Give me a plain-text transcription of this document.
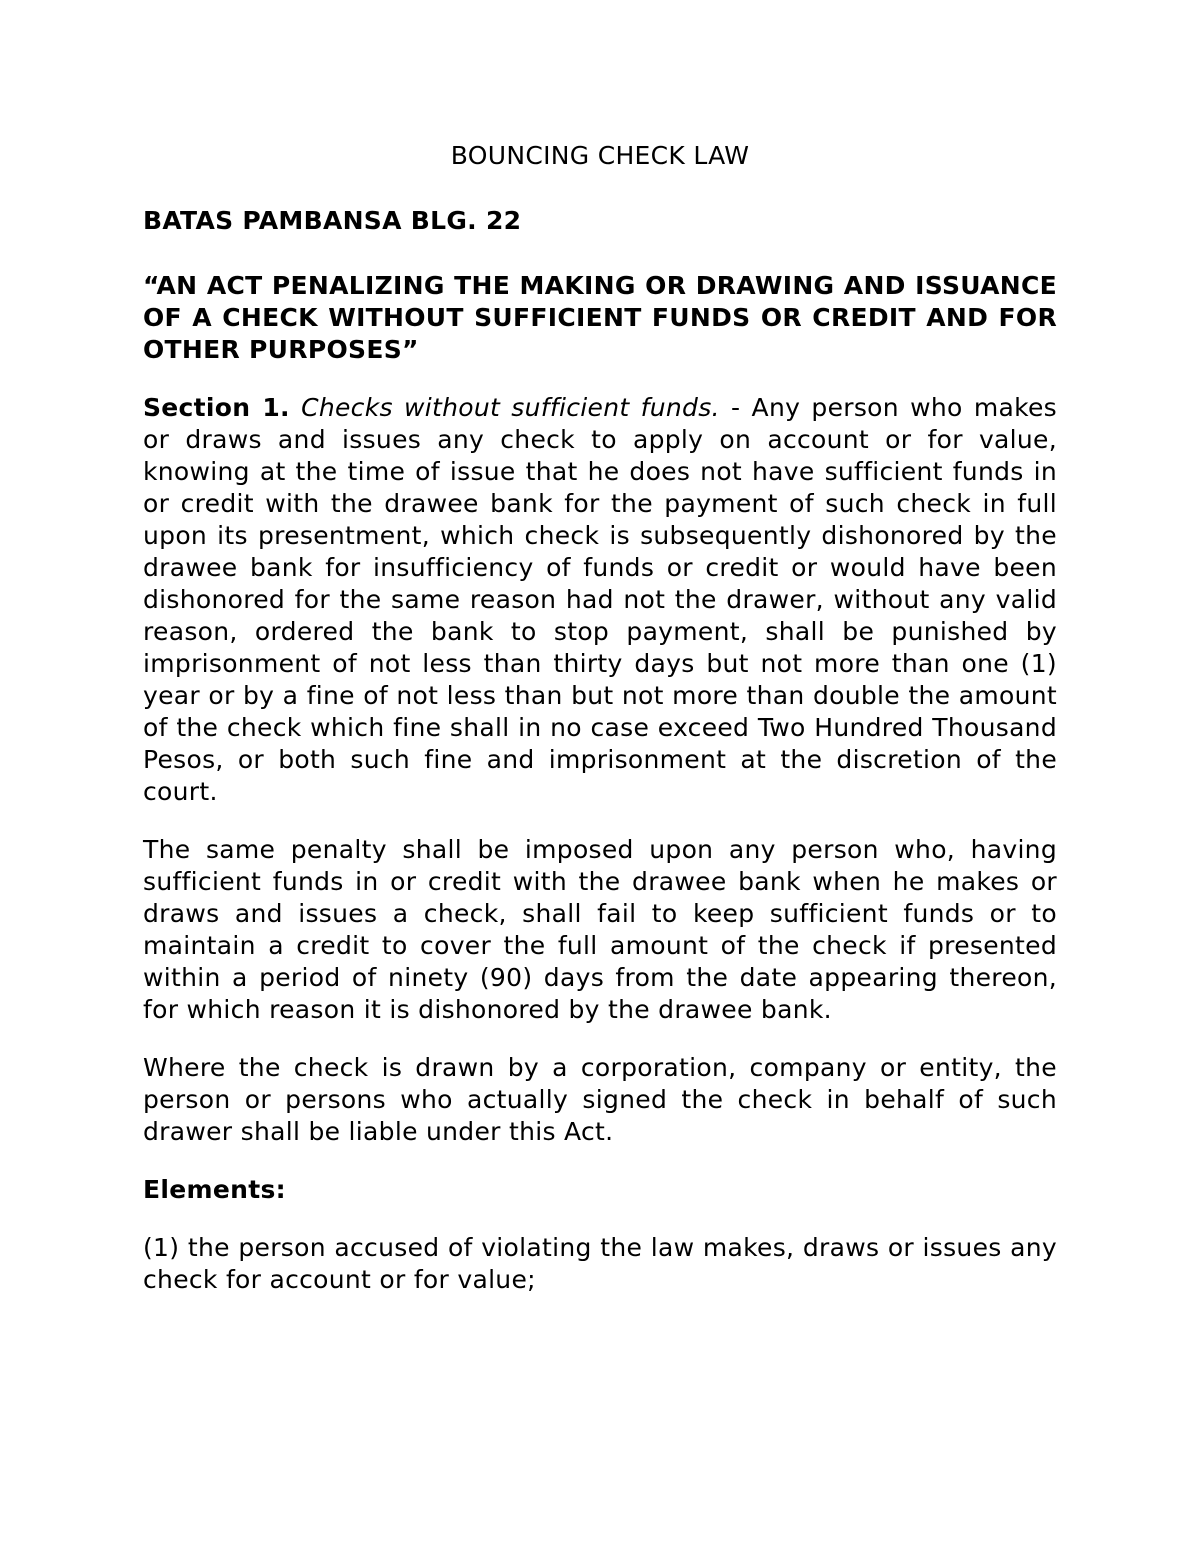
BOUNCING CHECK LAW
BATAS PAMBANSA BLG. 22
“AN ACT PENALIZING THE MAKING OR DRAWING AND ISSUANCE OF A CHECK WITHOUT SUFFICIENT FUNDS OR CREDIT AND FOR OTHER PURPOSES”
Section 1. Checks without sufficient funds. - Any person who makes or draws and issues any check to apply on account or for value, knowing at the time of issue that he does not have sufficient funds in or credit with the drawee bank for the payment of such check in full upon its presentment, which check is subsequently dishonored by the drawee bank for insufficiency of funds or credit or would have been dishonored for the same reason had not the drawer, without any valid reason, ordered the bank to stop payment, shall be punished by imprisonment of not less than thirty days but not more than one (1) year or by a fine of not less than but not more than double the amount of the check which fine shall in no case exceed Two Hundred Thousand Pesos, or both such fine and imprisonment at the discretion of the court.
The same penalty shall be imposed upon any person who, having sufficient funds in or credit with the drawee bank when he makes or draws and issues a check, shall fail to keep sufficient funds or to maintain a credit to cover the full amount of the check if presented within a period of ninety (90) days from the date appearing thereon, for which reason it is dishonored by the drawee bank.
Where the check is drawn by a corporation, company or entity, the person or persons who actually signed the check in behalf of such drawer shall be liable under this Act.
Elements:
(1) the person accused of violating the law makes, draws or issues any check for account or for value;
